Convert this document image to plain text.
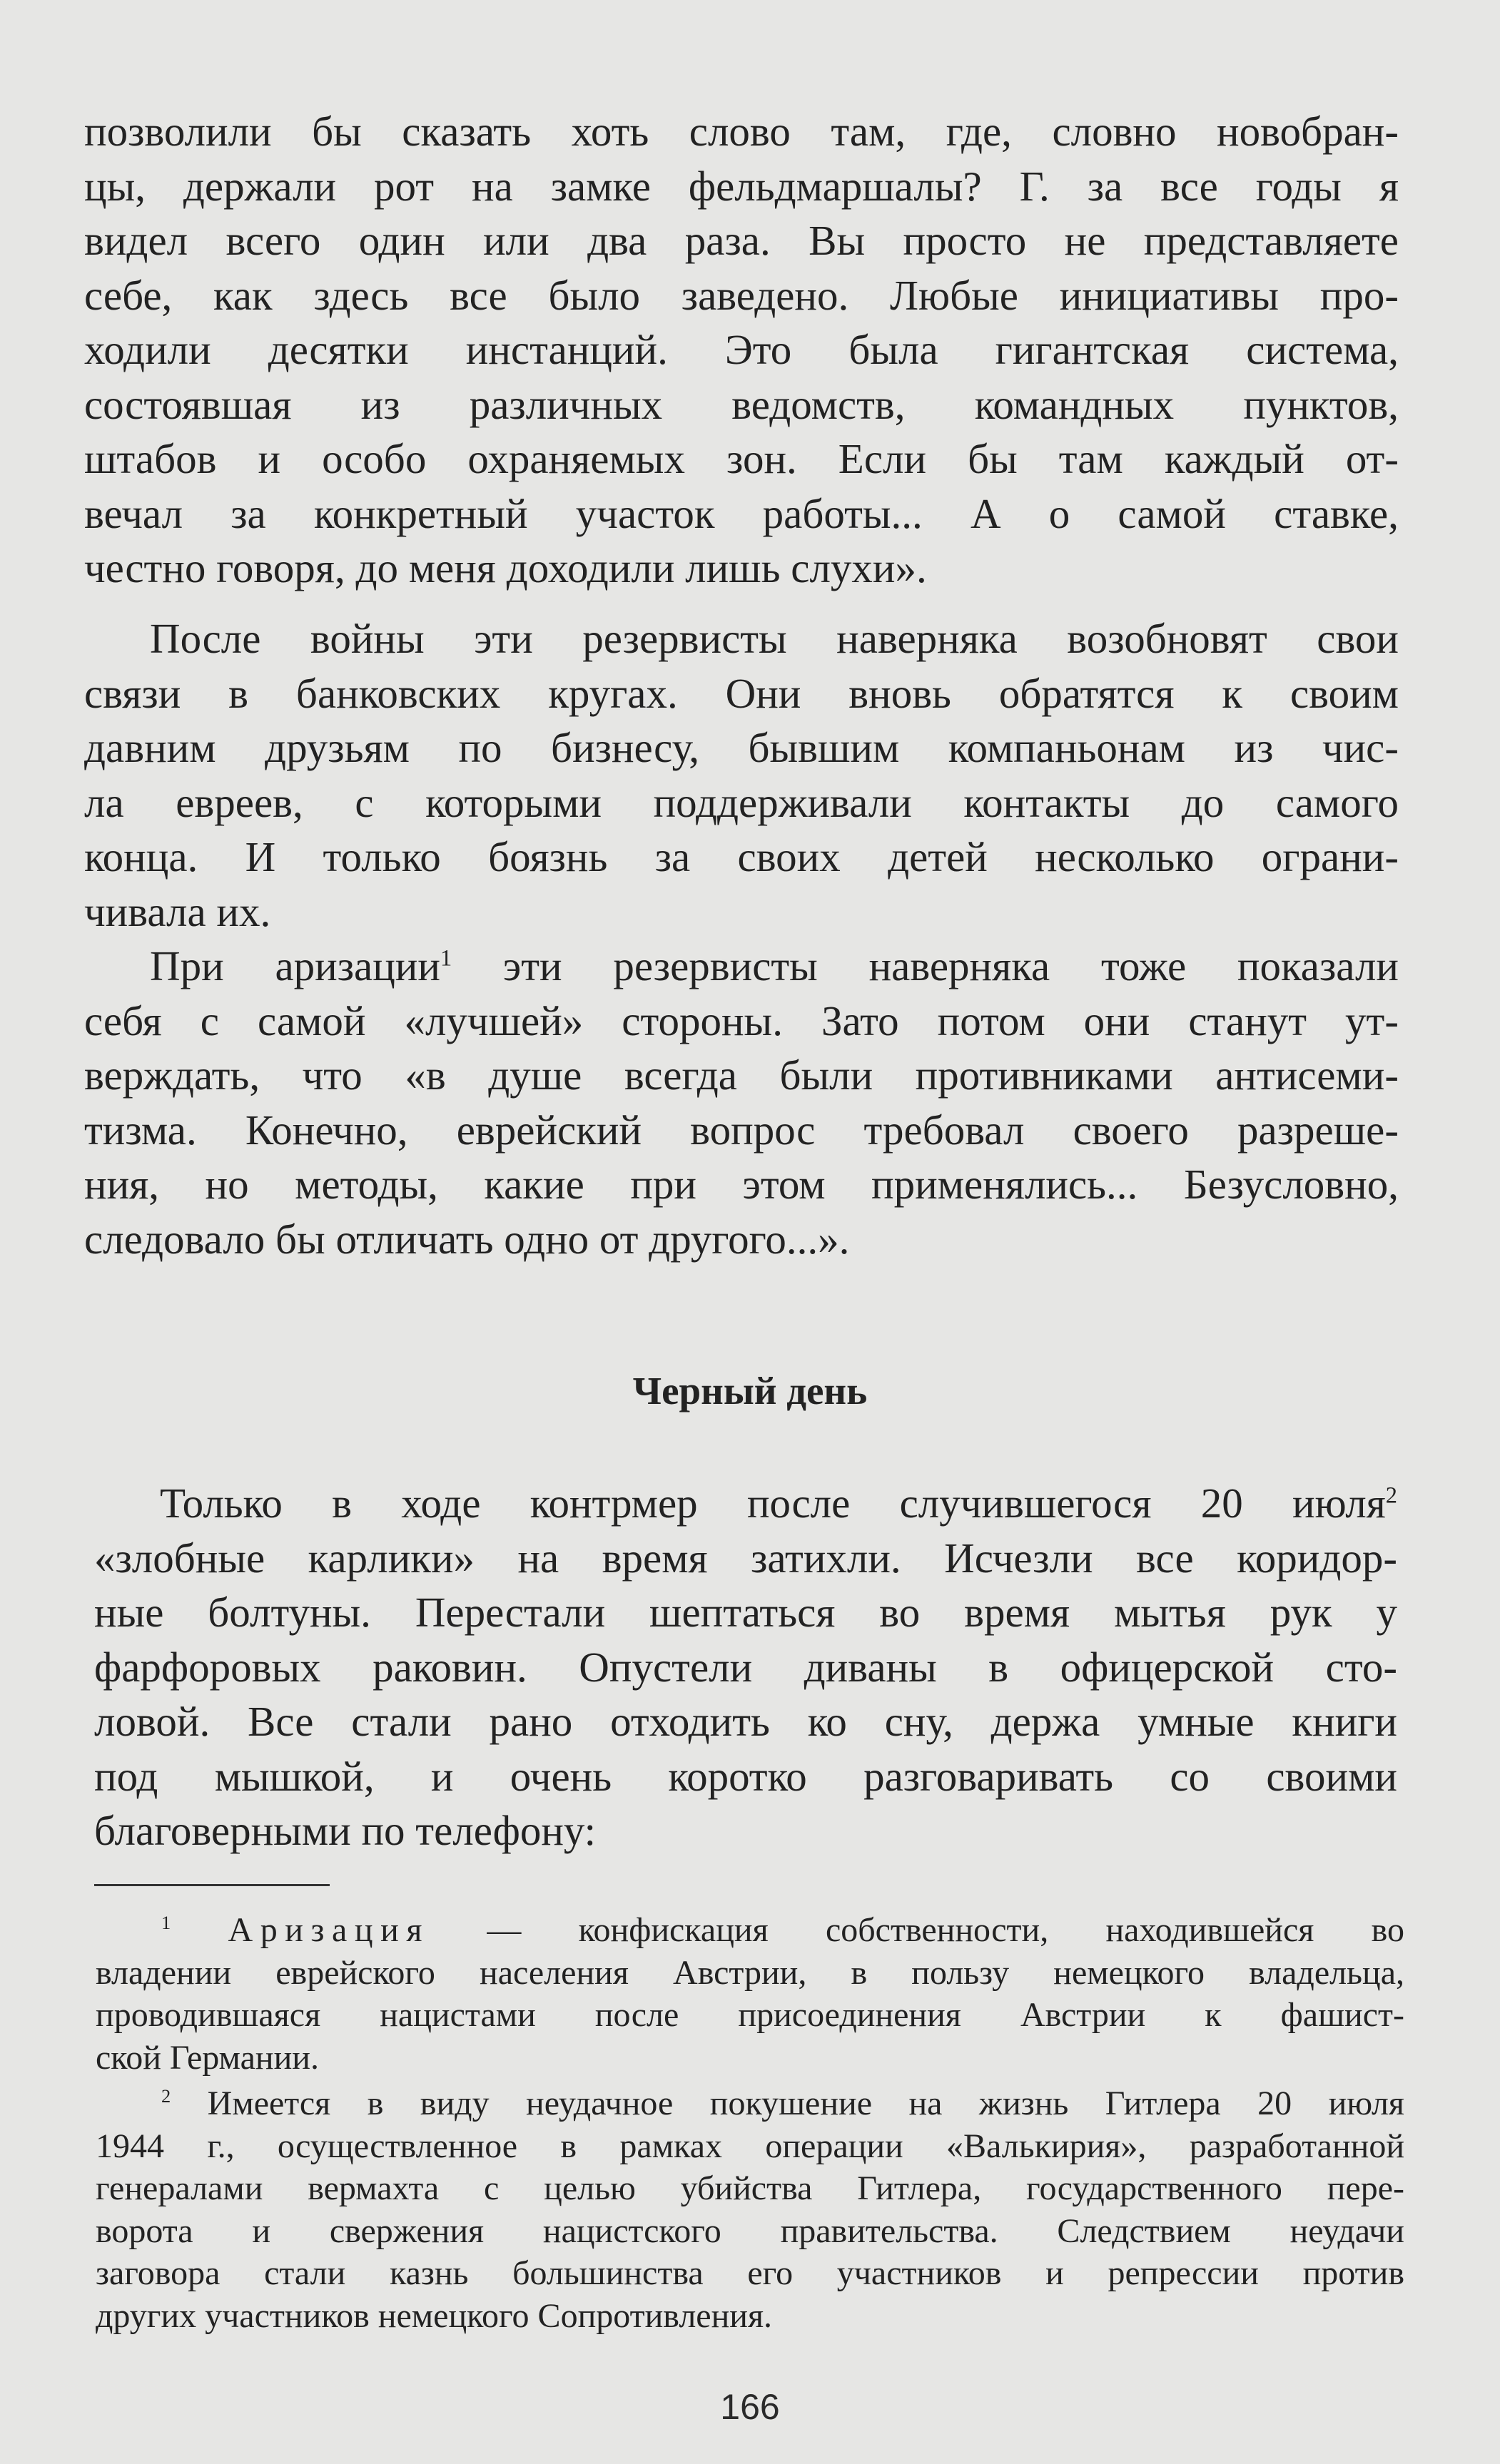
позволили бы сказать хоть слово там, где, словно новобран-
цы, держали рот на замке фельдмаршалы? Г. за все годы я
видел всего один или два раза. Вы просто не представляете
себе, как здесь все было заведено. Любые инициативы про-
ходили десятки инстанций. Это была гигантская система,
состоявшая из различных ведомств, командных пунктов,
штабов и особо охраняемых зон. Если бы там каждый от-
вечал за конкретный участок работы... А о самой ставке,
честно говоря, до меня доходили лишь слухи».
После войны эти резервисты наверняка возобновят свои
связи в банковских кругах. Они вновь обратятся к своим
давним друзьям по бизнесу, бывшим компаньонам из чис-
ла евреев, с которыми поддерживали контакты до самого
конца. И только боязнь за своих детей несколько ограни-
чивала их.
При аризации$^1$ эти резервисты наверняка тоже показали
себя с самой «лучшей» стороны. Зато потом они станут ут-
верждать, что «в душе всегда были противниками антисеми-
тизма. Конечно, еврейский вопрос требовал своего разреше-
ния, но методы, какие при этом применялись... Безусловно,
следовало бы отличать одно от другого...».
Черный день
Только в ходе контрмер после случившегося 20 июля$^2$
«злобные карлики» на время затихли. Исчезли все коридор-
ные болтуны. Перестали шептаться во время мытья рук у
фарфоровых раковин. Опустели диваны в офицерской сто-
ловой. Все стали рано отходить ко сну, держа умные книги
под мышкой, и очень коротко разговаривать со своими
благоверными по телефону:
$^1$ Аризация — конфискация собственности, находившейся во
владении еврейского населения Австрии, в пользу немецкого владельца,
проводившаяся нацистами после присоединения Австрии к фашист-
ской Германии.
$^2$ Имеется в виду неудачное покушение на жизнь Гитлера 20 июля
1944 г., осуществленное в рамках операции «Валькирия», разработанной
генералами вермахта с целью убийства Гитлера, государственного пере-
ворота и свержения нацистского правительства. Следствием неудачи
заговора стали казнь большинства его участников и репрессии против
других участников немецкого Сопротивления.
166
